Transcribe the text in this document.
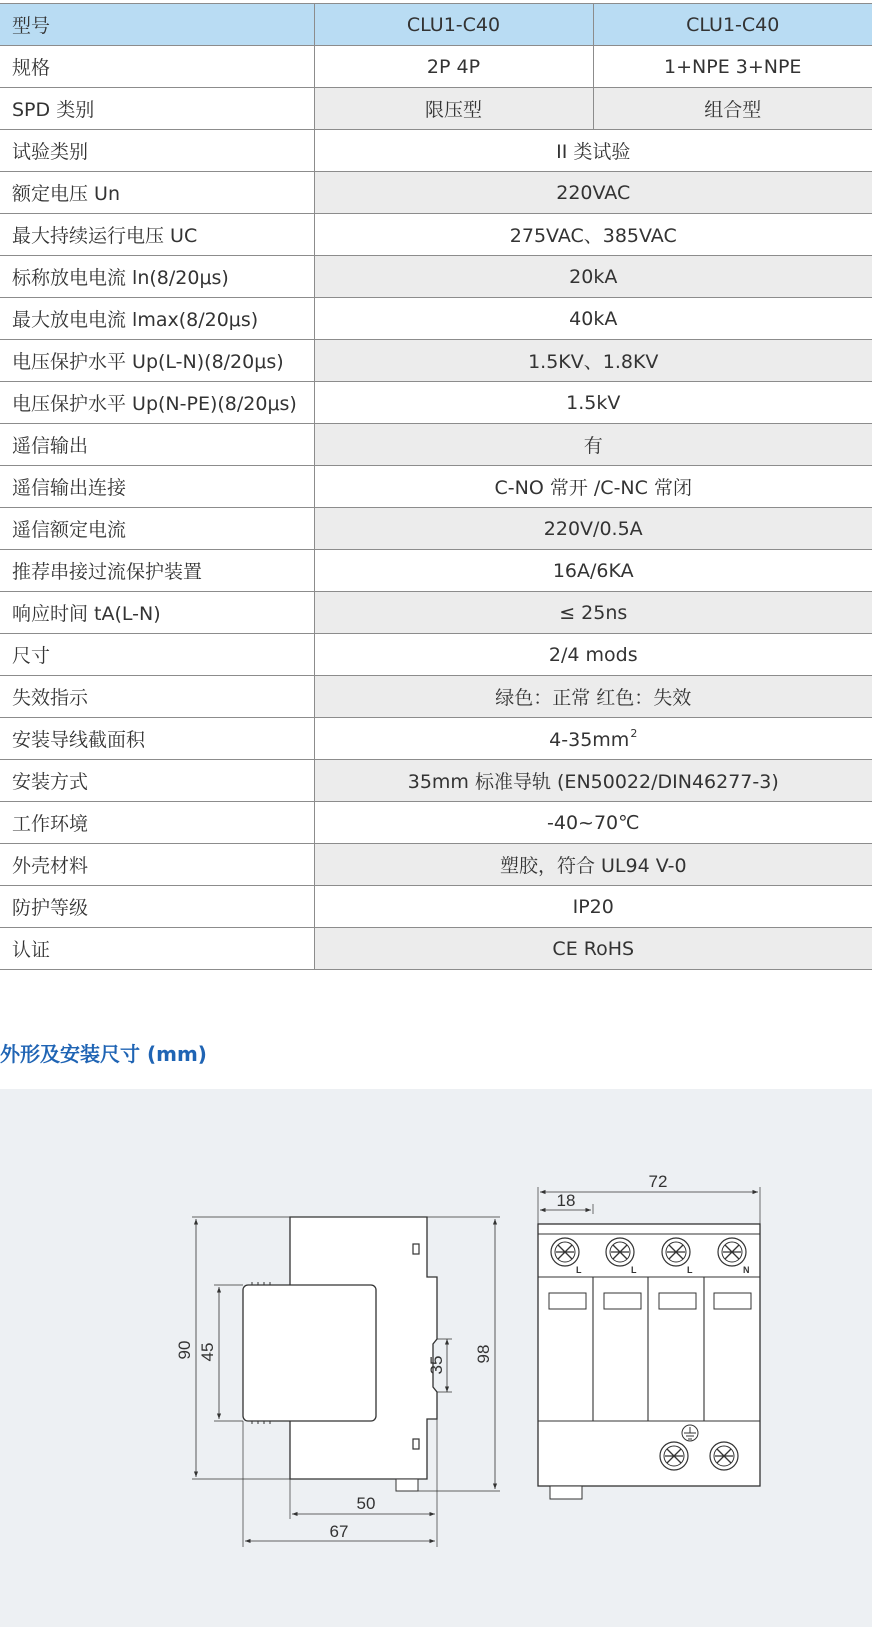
型号	CLU1-C40	CLU1-C40
规格	2P 4P	1+NPE 3+NPE
SPD 类别	限压型	组合型
试验类别	II 类试验	
额定电压 Un	220VAC	
最大持续运行电压 UC	275VAC、385VAC	
标称放电电流 ln(8/20μs)	20kA	
最大放电电流 lmax(8/20μs)	40kA	
电压保护水平 Up(L-N)(8/20μs)	1.5KV、1.8KV	
电压保护水平 Up(N-PE)(8/20μs)	1.5kV	
遥信输出	有	
遥信输出连接	C-NO 常开 /C-NC 常闭	
遥信额定电流	220V/0.5A	
推荐串接过流保护装置	16A/6KA	
响应时间 tA(L-N)	≤ 25ns	
尺寸	2/4 mods	
失效指示	绿色：正常 红色：失效	
安装导线截面积	$4-35mm^2$
安装方式	35mm 标准导轨 (EN50022/DIN46277-3)	
工作环境	-40~70℃	
外壳材料	塑胶，符合 UL94 V-0	
防护等级	IP20	
认证	CE RoHS	
外形及安装尺寸 (mm)
90 45
35
98
50
67
L	L	L	N
72
18
